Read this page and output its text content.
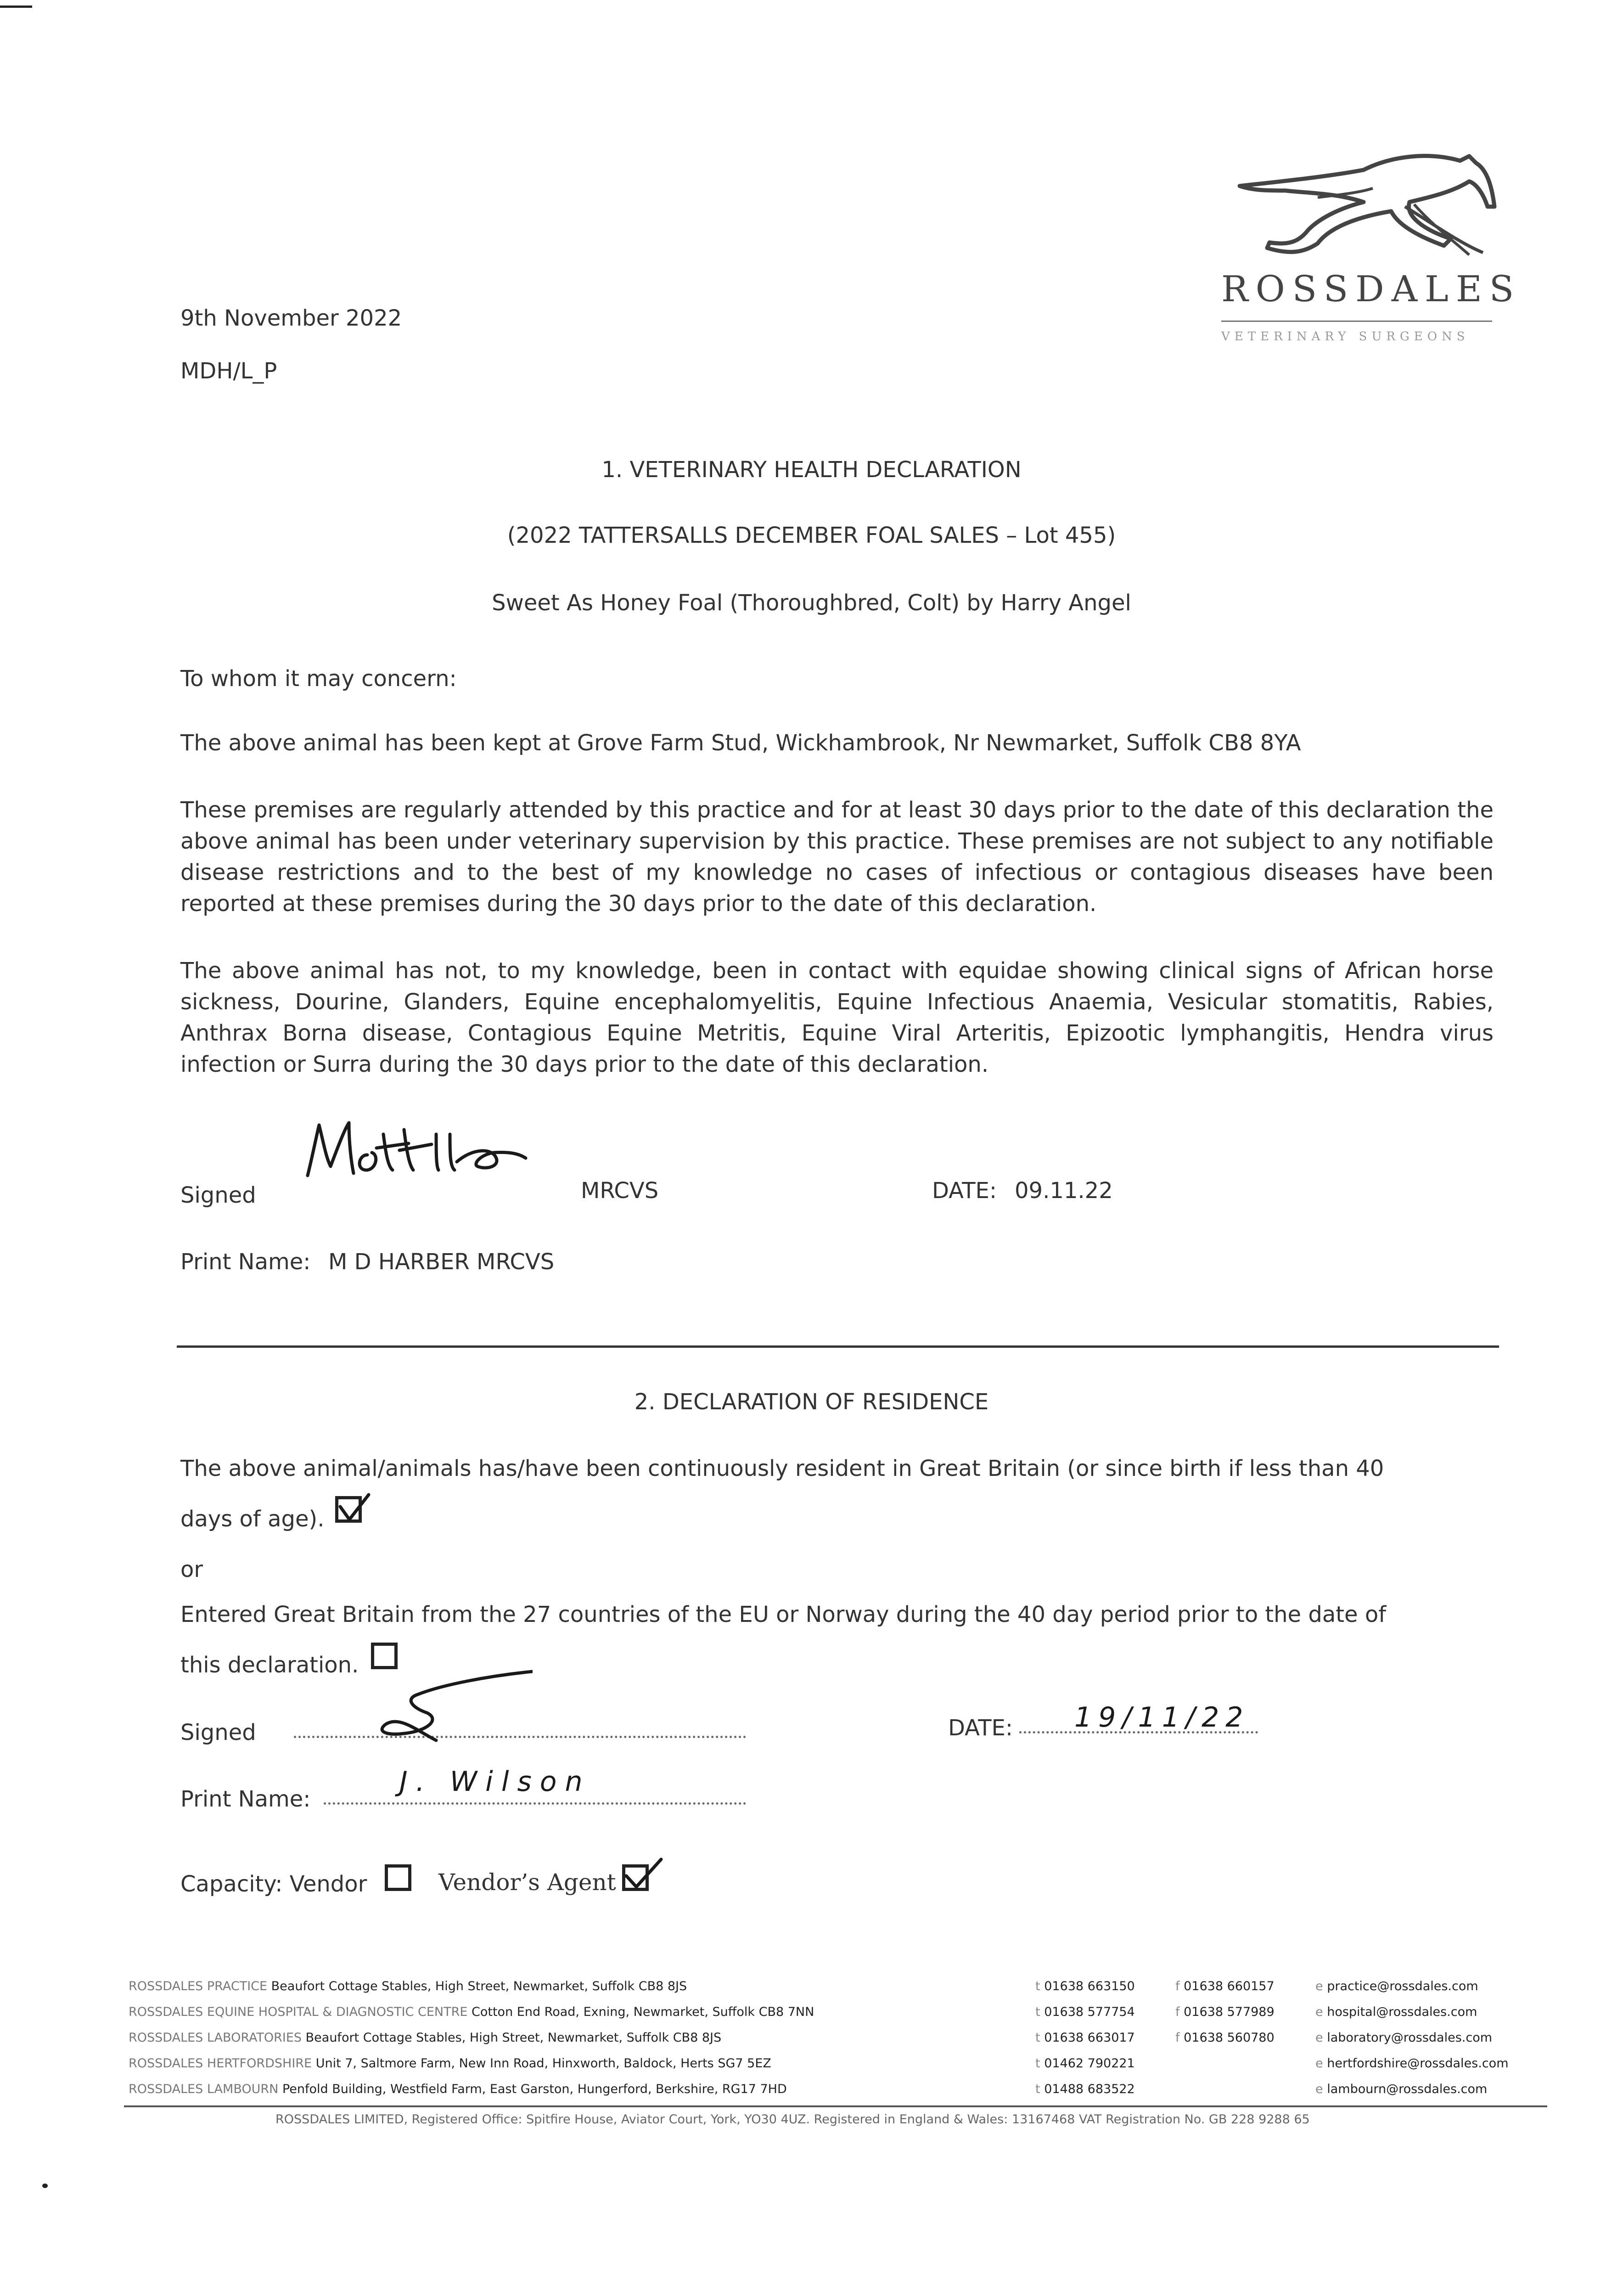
ROSSDALES
VETERINARY SURGEONS
9th November 2022
MDH/L_P
1. VETERINARY HEALTH DECLARATION
(2022 TATTERSALLS DECEMBER FOAL SALES – Lot 455)
Sweet As Honey Foal (Thoroughbred, Colt) by Harry Angel
To whom it may concern:
The above animal has been kept at Grove Farm Stud, Wickhambrook, Nr Newmarket, Suffolk CB8 8YA
These premises are regularly attended by this practice and for at least 30 days prior to the date of this declaration the above animal has been under veterinary supervision by this practice. These premises are not subject to any notifiable disease restrictions and to the best of my knowledge no cases of infectious or contagious diseases have been reported at these premises during the 30 days prior to the date of this declaration.
The above animal has not, to my knowledge, been in contact with equidae showing clinical signs of African horse sickness, Dourine, Glanders, Equine encephalomyelitis, Equine Infectious Anaemia, Vesicular stomatitis, Rabies, Anthrax Borna disease, Contagious Equine Metritis, Equine Viral Arteritis, Epizootic lymphangitis, Hendra virus infection or Surra during the 30 days prior to the date of this declaration.
Signed	MRCVS	DATE: 09.11.22
Print Name: M D HARBER MRCVS
2. DECLARATION OF RESIDENCE
The above animal/animals has/have been continuously resident in Great Britain (or since birth if less than 40
days of age).
or
Entered Great Britain from the 27 countries of the EU or Norway during the 40 day period prior to the date of
this declaration.
Signed	DATE: 19/11/22
Print Name:
J. Wilson
Capacity: Vendor	Vendor’s Agent
ROSSDALES PRACTICE Beaufort Cottage Stables, High Street, Newmarket, Suffolk CB8 8JS	t 01638 663150	f 01638 660157	e practice@rossdales.com
ROSSDALES EQUINE HOSPITAL & DIAGNOSTIC CENTRE Cotton End Road, Exning, Newmarket, Suffolk CB8 7NN	t 01638 577754	f 01638 577989	e hospital@rossdales.com
ROSSDALES LABORATORIES Beaufort Cottage Stables, High Street, Newmarket, Suffolk CB8 8JS	t 01638 663017	f 01638 560780	e laboratory@rossdales.com
ROSSDALES HERTFORDSHIRE Unit 7, Saltmore Farm, New Inn Road, Hinxworth, Baldock, Herts SG7 5EZ	t 01462 790221	e hertfordshire@rossdales.com
ROSSDALES LAMBOURN Penfold Building, Westfield Farm, East Garston, Hungerford, Berkshire, RG17 7HD	t 01488 683522	e lambourn@rossdales.com
ROSSDALES LIMITED, Registered Office: Spitfire House, Aviator Court, York, YO30 4UZ. Registered in England & Wales: 13167468 VAT Registration No. GB 228 9288 65
